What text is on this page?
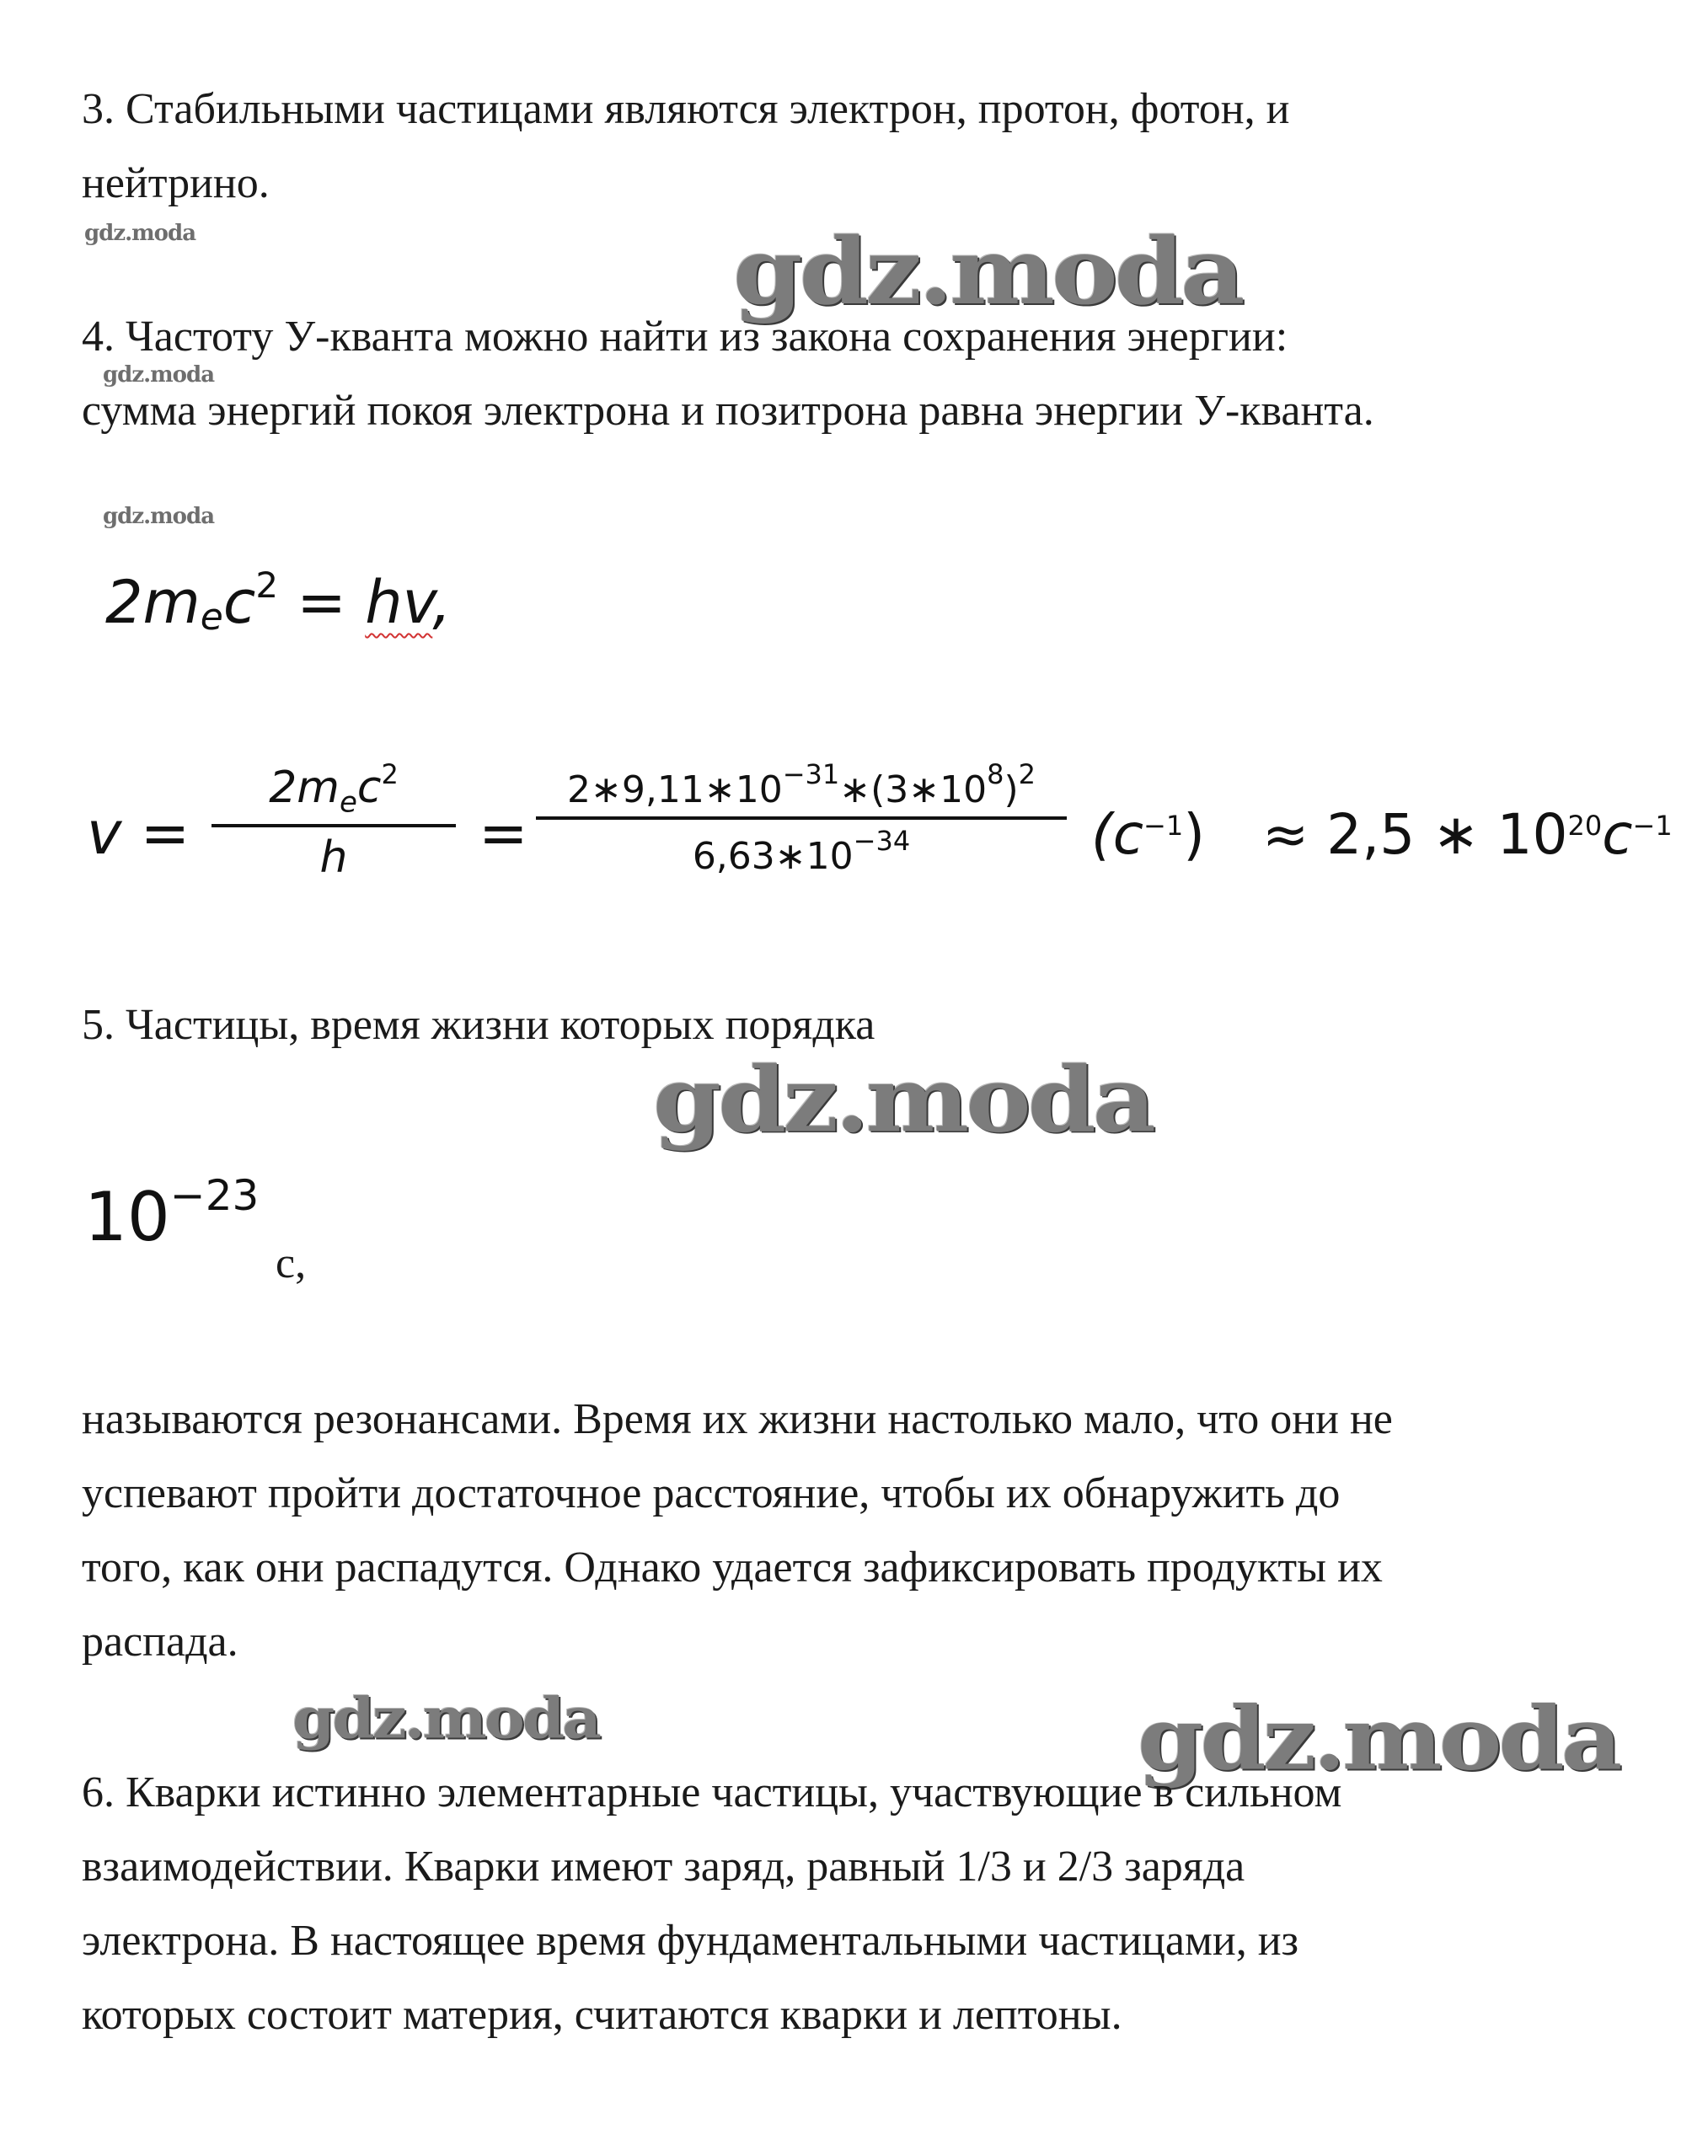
3. Стабильными частицами являются электрон, протон, фотон, и
нейтрино.
gdz.moda	gdz.moda
4. Частоту У-кванта можно найти из закона сохранения энергии:
gdz.moda
сумма энергий покоя электрона и позитрона равна энергии У-кванта.
gdz.moda
$2m_ec^2$ = hv,
v =
$2m_ec^2$
h	=
$2∗9,11∗10^{-31}∗(3∗10^8)^2$
$6,63∗10^{-34}$	$(c^{-1}) \approx 2,5$ ∗ $10^{20}c^{-1}$
5. Частицы, время жизни которых порядка
gdz.moda
$10^{-23}$
с,
называются резонансами. Время их жизни настолько мало, что они не
успевают пройти достаточное расстояние, чтобы их обнаружить до
того, как они распадутся. Однако удается зафиксировать продукты их
распада.
gdz.moda	gdz.moda
6. Кварки истинно элементарные частицы, участвующие в сильном
взаимодействии. Кварки имеют заряд, равный 1/3 и 2/3 заряда
электрона. В настоящее время фундаментальными частицами, из
которых состоит материя, считаются кварки и лептоны.
